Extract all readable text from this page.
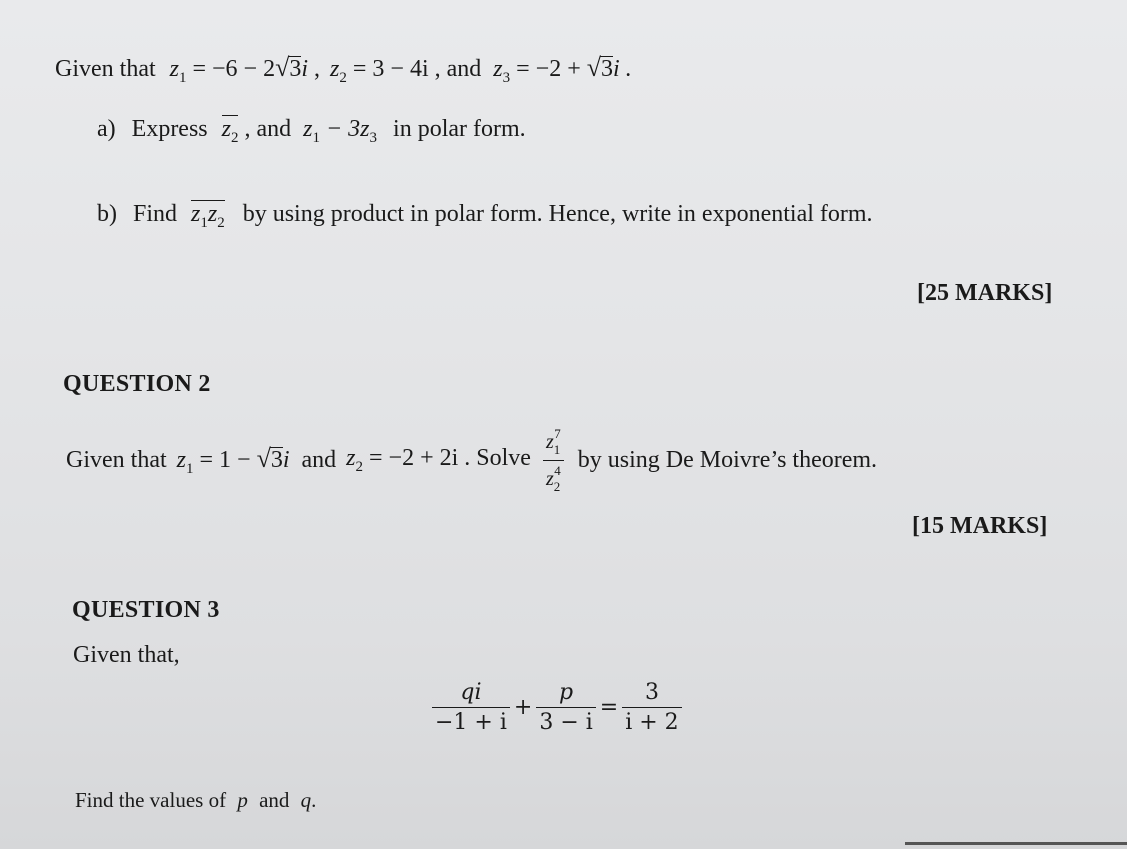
Given that $z_1 = -6 - 2√3i$ , $z_2 = 3 - 4i$ , and $z_3 = -2 + √3i$ .
a) Express $z_2$ , and $z_1 - 3z_3$ in polar form.
b) Find $z_1z_2$ by using product in polar form. Hence, write in exponential form.
[25 MARKS]
QUESTION 2
Given that $z_1 = 1 - √3i$ and $z_2 = -2 + 2i$ . Solve $\frac{z_1^7}{z_2^4}$ by using De Moivre’s theorem.
[15 MARKS]
QUESTION 3
Given that,
$\frac{qi}{-1 + i} + \frac{p}{3 - i} = \frac{3}{i + 2}$
Find the values of p and q.
